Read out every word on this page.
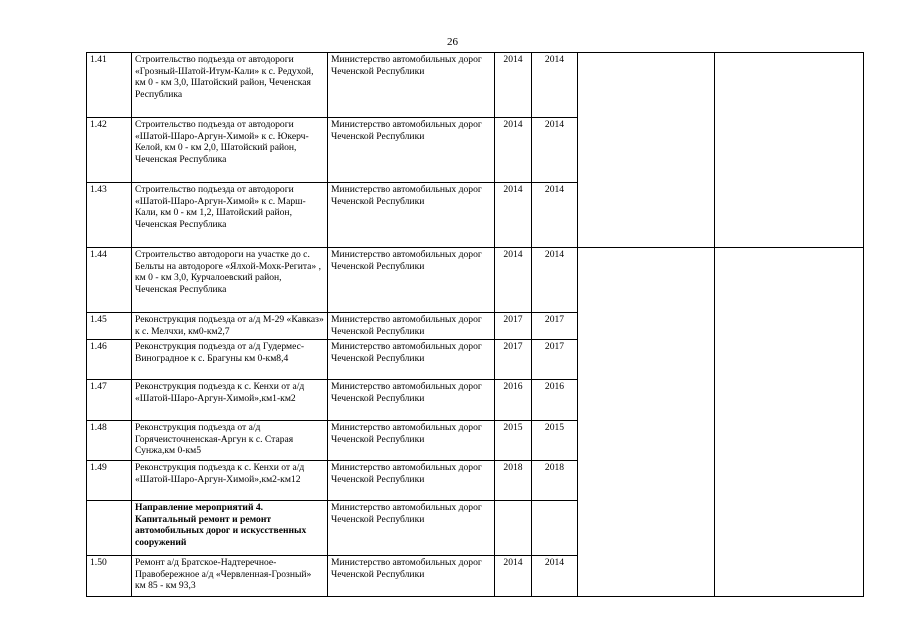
26
1.41	Строительство подъезда от автодороги «Грозный-Шатой-Итум-Кали» к с. Редухой, км 0 - км 3,0, Шатойский район, Чеченская Республика	Министерство автомобильных дорог Чеченской Республики	2014	2014		
1.42	Строительство подъезда от автодороги «Шатой-Шаро-Аргун-Химой» к с. Юкерч-Келой, км 0 - км 2,0, Шатойский район, Чеченская Республика	Министерство автомобильных дорог Чеченской Республики	2014	2014		
1.43	Строительство подъезда от автодороги «Шатой-Шаро-Аргун-Химой» к с. Марш-Кали, км 0 - км 1,2, Шатойский район, Чеченская Республика	Министерство автомобильных дорог Чеченской Республики	2014	2014		
1.44	Строительство автодороги на участке до с. Бельты на автодороге «Ялхой-Мохк-Регита» , км 0 - км 3,0, Курчалоевский район, Чеченская Республика	Министерство автомобильных дорог Чеченской Республики	2014	2014		
1.45	Реконструкция подъезда от а/д М-29 «Кавказ» к с. Мелчхи, км0-км2,7	Министерство автомобильных дорог Чеченской Республики	2017	2017		
1.46	Реконструкция подъезда от а/д Гудермес-Виноградное к с. Брагуны км 0-км8,4	Министерство автомобильных дорог Чеченской Республики	2017	2017		
1.47	Реконструкция подъезда к с. Кенхи от а/д «Шатой-Шаро-Аргун-Химой»,км1-км2	Министерство автомобильных дорог Чеченской Республики	2016	2016		
1.48	Реконструкция подъезда от а/д Горячеисточненская-Аргун к с. Старая Сунжа,км 0-км5	Министерство автомобильных дорог Чеченской Республики	2015	2015		
1.49	Реконструкция подъезда к с. Кенхи от а/д «Шатой-Шаро-Аргун-Химой»,км2-км12	Министерство автомобильных дорог Чеченской Республики	2018	2018		
	Направление мероприятий 4. Капитальный ремонт и ремонт автомобильных дорог и искусственных сооружений	Министерство автомобильных дорог Чеченской Республики				
1.50	Ремонт а/д Братское-Надтеречное-Правобережное а/д «Червленная-Грозный» км 85 - км 93,3	Министерство автомобильных дорог Чеченской Республики	2014	2014		
